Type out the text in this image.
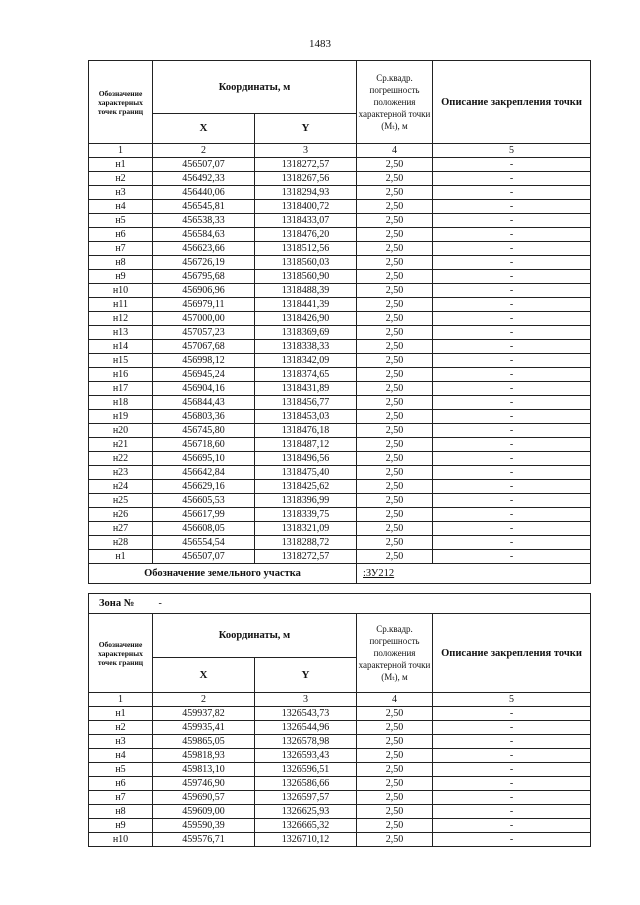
1483
Обозначение характерных точек границ	Координаты, м		Ср.квадр. погрешность положения характерной точки (Mₜ), м	Описание закрепления точки
	X	Y		
1	2	3	4	5
н1	456507,07	1318272,57	2,50	-
н2	456492,33	1318267,56	2,50	-
н3	456440,06	1318294,93	2,50	-
н4	456545,81	1318400,72	2,50	-
н5	456538,33	1318433,07	2,50	-
н6	456584,63	1318476,20	2,50	-
н7	456623,66	1318512,56	2,50	-
н8	456726,19	1318560,03	2,50	-
н9	456795,68	1318560,90	2,50	-
н10	456906,96	1318488,39	2,50	-
н11	456979,11	1318441,39	2,50	-
н12	457000,00	1318426,90	2,50	-
н13	457057,23	1318369,69	2,50	-
н14	457067,68	1318338,33	2,50	-
н15	456998,12	1318342,09	2,50	-
н16	456945,24	1318374,65	2,50	-
н17	456904,16	1318431,89	2,50	-
н18	456844,43	1318456,77	2,50	-
н19	456803,36	1318453,03	2,50	-
н20	456745,80	1318476,18	2,50	-
н21	456718,60	1318487,12	2,50	-
н22	456695,10	1318496,56	2,50	-
н23	456642,84	1318475,40	2,50	-
н24	456629,16	1318425,62	2,50	-
н25	456605,53	1318396,99	2,50	-
н26	456617,99	1318339,75	2,50	-
н27	456608,05	1318321,09	2,50	-
н28	456554,54	1318288,72	2,50	-
н1	456507,07	1318272,57	2,50	-
Обозначение земельного участка			:ЗУ212	
Зона №	-			
Обозначение характерных точек границ	Координаты, м		Ср.квадр. погрешность положения характерной точки (Mₜ), м	Описание закрепления точки
	X	Y		
1	2	3	4	5
н1	459937,82	1326543,73	2,50	-
н2	459935,41	1326544,96	2,50	-
н3	459865,05	1326578,98	2,50	-
н4	459818,93	1326593,43	2,50	-
н5	459813,10	1326596,51	2,50	-
н6	459746,90	1326586,66	2,50	-
н7	459690,57	1326597,57	2,50	-
н8	459609,00	1326625,93	2,50	-
н9	459590,39	1326665,32	2,50	-
н10	459576,71	1326710,12	2,50	-
